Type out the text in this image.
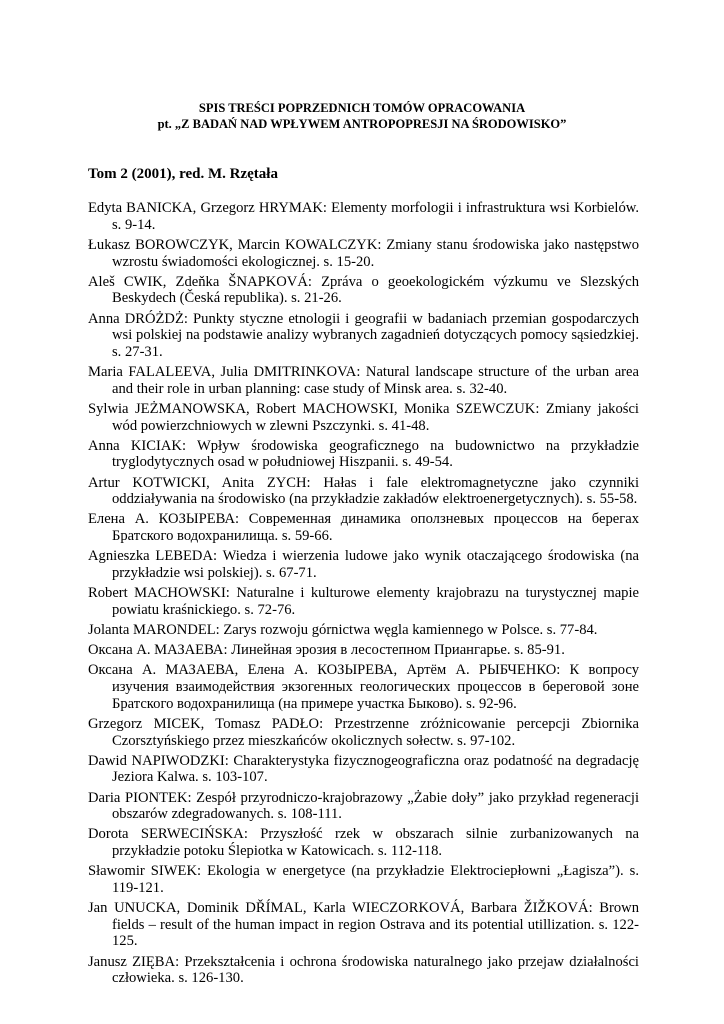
SPIS TREŚCI POPRZEDNICH TOMÓW OPRACOWANIA
pt. „Z BADAŃ NAD WPŁYWEM ANTROPOPRESJI NA ŚRODOWISKO”
Tom 2 (2001), red. M. Rzętała
Edyta BANICKA, Grzegorz HRYMAK: Elementy morfologii i infrastruktura wsi Korbielów. s. 9-14.
Łukasz BOROWCZYK, Marcin KOWALCZYK: Zmiany stanu środowiska jako następstwo wzrostu świadomości ekologicznej. s. 15-20.
Aleš CWIK, Zdeňka ŠNAPKOVÁ: Zpráva o geoekologickém výzkumu ve Slezských Beskydech (Česká republika). s. 21-26.
Anna DRÓŻDŻ: Punkty styczne etnologii i geografii w badaniach przemian gospodarczych wsi polskiej na podstawie analizy wybranych zagadnień dotyczących pomocy sąsiedzkiej. s. 27-31.
Maria FALALEEVA, Julia DMITRINKOVA: Natural landscape structure of the urban area and their role in urban planning: case study of Minsk area. s. 32-40.
Sylwia JEŻMANOWSKA, Robert MACHOWSKI, Monika SZEWCZUK: Zmiany jakości wód powierzchniowych w zlewni Pszczynki. s. 41-48.
Anna KICIAK: Wpływ środowiska geograficznego na budownictwo na przykładzie tryglodytycznych osad w południowej Hiszpanii. s. 49-54.
Artur KOTWICKI, Anita ZYCH: Hałas i fale elektromagnetyczne jako czynniki oddziaływania na środowisko (na przykładzie zakładów elektroenergetycznych). s. 55-58.
Елена А. КОЗЫРЕВА: Современная динамика оползневых процессов на берегах Братского водохранилища. s. 59-66.
Agnieszka LEBEDA: Wiedza i wierzenia ludowe jako wynik otaczającego środowiska (na przykładzie wsi polskiej). s. 67-71.
Robert MACHOWSKI: Naturalne i kulturowe elementy krajobrazu na turystycznej mapie powiatu kraśnickiego. s. 72-76.
Jolanta MARONDEL: Zarys rozwoju górnictwa węgla kamiennego w Polsce. s. 77-84.
Оксана А. МАЗАЕВА: Линейная эрозия в лесостепном Приангарье. s. 85-91.
Оксана А. МАЗАЕВА, Елена А. КОЗЫРЕВА, Артём А. РЫБЧЕНКО: К вопросу изучения взаимодействия экзогенных геологических процессов в береговой зоне Братского водохранилища (на примере участка Быково). s. 92-96.
Grzegorz MICEK, Tomasz PADŁO: Przestrzenne zróżnicowanie percepcji Zbiornika Czorsztyńskiego przez mieszkańców okolicznych sołectw. s. 97-102.
Dawid NAPIWODZKI: Charakterystyka fizycznogeograficzna oraz podatność na degradację Jeziora Kalwa. s. 103-107.
Daria PIONTEK: Zespół przyrodniczo-krajobrazowy „Żabie doły” jako przykład regeneracji obszarów zdegradowanych. s. 108-111.
Dorota SERWECIŃSKA: Przyszłość rzek w obszarach silnie zurbanizowanych na przykładzie potoku Ślepiotka w Katowicach. s. 112-118.
Sławomir SIWEK: Ekologia w energetyce (na przykładzie Elektrociepłowni „Łagisza”). s. 119-121.
Jan UNUCKA, Dominik DŘÍMAL, Karla WIECZORKOVÁ, Barbara ŽIŽKOVÁ: Brown fields – result of the human impact in region Ostrava and its potential utillization. s. 122-125.
Janusz ZIĘBA: Przekształcenia i ochrona środowiska naturalnego jako przejaw działalności człowieka. s. 126-130.
